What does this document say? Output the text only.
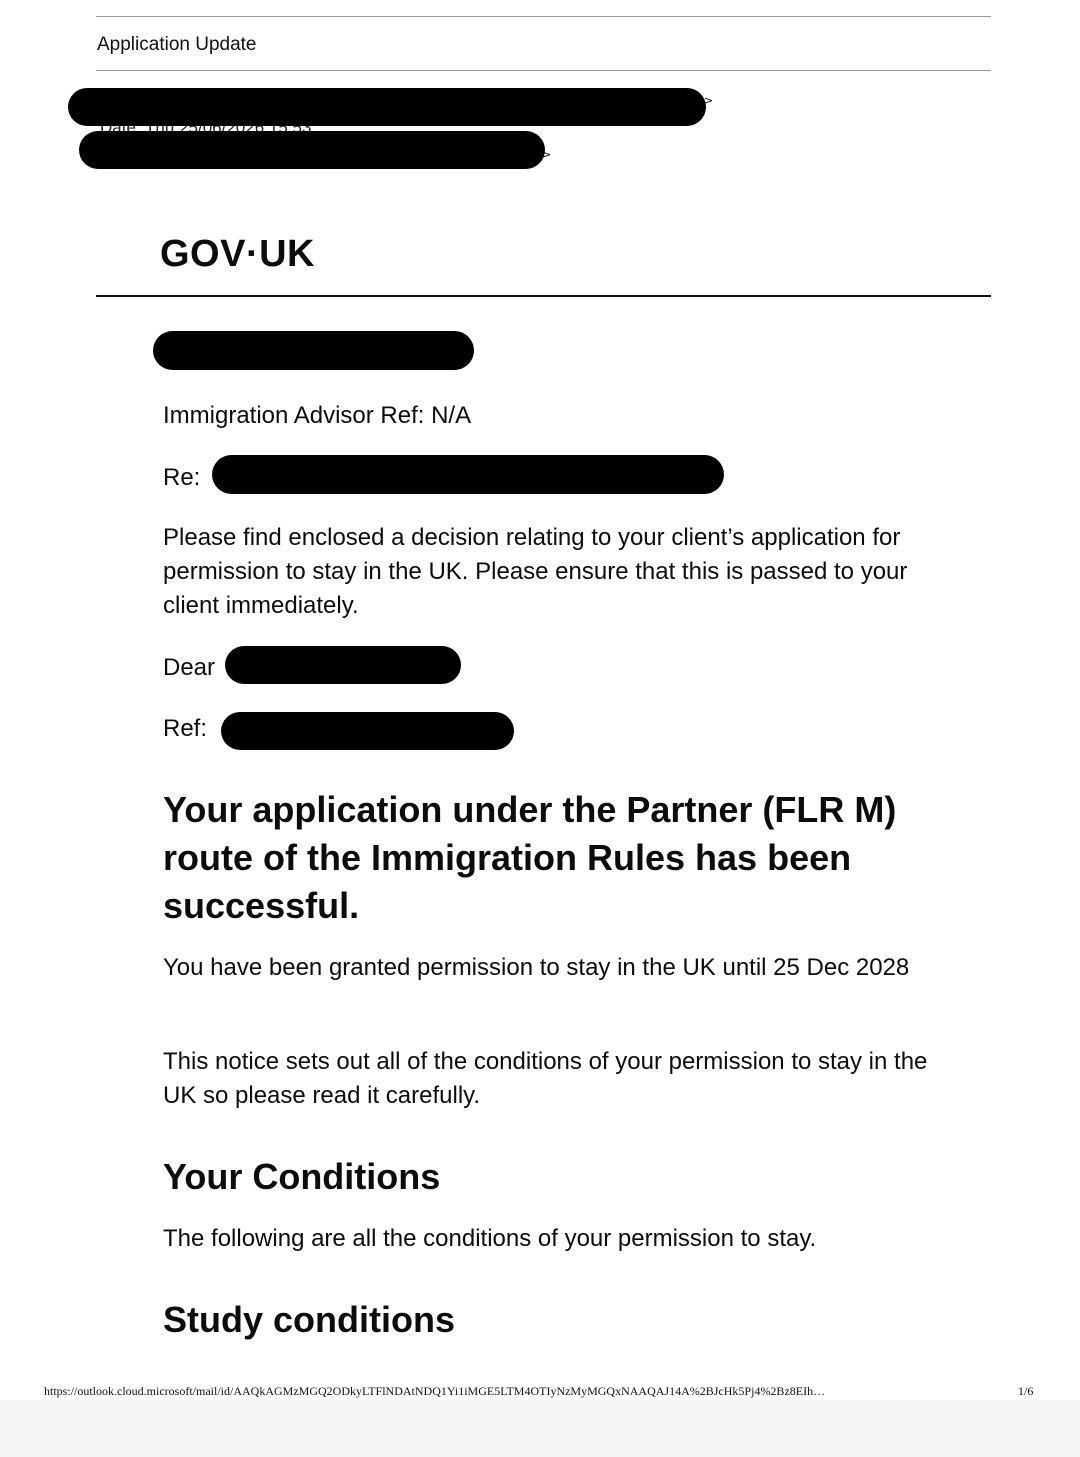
Application Update
>
>
GOV·UK
Immigration Advisor Ref: N/A
Re:
Please find enclosed a decision relating to your client’s application for permission to stay in the UK. Please ensure that this is passed to your client immediately.
Dear
Ref:
Your application under the Partner (FLR M) route of the Immigration Rules has been successful.
You have been granted permission to stay in the UK until 25 Dec 2028
This notice sets out all of the conditions of your permission to stay in the UK so please read it carefully.
Your Conditions
The following are all the conditions of your permission to stay.
Study conditions
https://outlook.cloud.microsoft/mail/id/AAQkAGMzMGQ2ODkyLTFlNDAtNDQ1Yi1iMGE5LTM4OTIyNzMyMGQxNAAQAJ14A%2BJcHk5Pj4%2Bz8EIh…	1/6
